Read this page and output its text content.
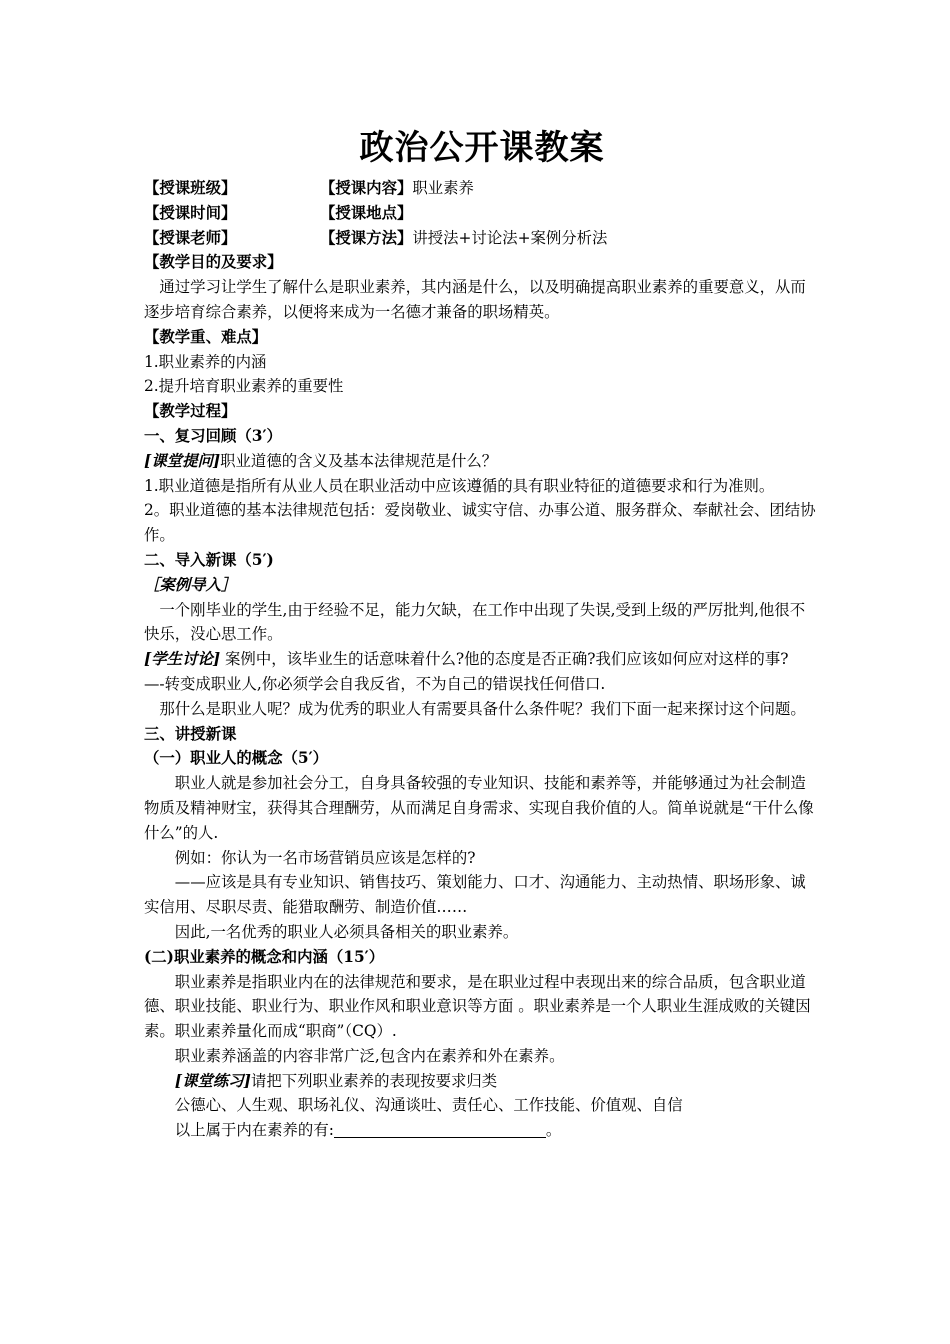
政治公开课教案
【授课班级】	【授课内容】职业素养
【授课时间】	【授课地点】
【授课老师】	【授课方法】讲授法+讨论法+案例分析法

【教学目的及要求】

通过学习让学生了解什么是职业素养，其内涵是什么，以及明确提高职业素养的重要意义，从而逐步培育综合素养，以便将来成为一名德才兼备的职场精英。

【教学重、难点】

1.职业素养的内涵

2.提升培育职业素养的重要性

【教学过程】

一、复习回顾（3′）

[课堂提问]职业道德的含义及基本法律规范是什么？

1.职业道德是指所有从业人员在职业活动中应该遵循的具有职业特征的道德要求和行为准则。

2。职业道德的基本法律规范包括：爱岗敬业、诚实守信、办事公道、服务群众、奉献社会、团结协作。

二、导入新课（5′)

［案例导入］

一个刚毕业的学生,由于经验不足，能力欠缺，在工作中出现了失误,受到上级的严厉批判,他很不快乐，没心思工作。

[学生讨论] 案例中，该毕业生的话意味着什么?他的态度是否正确?我们应该如何应对这样的事?

—-转变成职业人,你必须学会自我反省，不为自己的错误找任何借口.

那什么是职业人呢？成为优秀的职业人有需要具备什么条件呢？我们下面一起来探讨这个问题。

三、讲授新课

（一）职业人的概念（5′）

职业人就是参加社会分工，自身具备较强的专业知识、技能和素养等，并能够通过为社会制造物质及精神财宝，获得其合理酬劳，从而满足自身需求、实现自我价值的人。简单说就是“干什么像什么”的人.

例如：你认为一名市场营销员应该是怎样的?

——应该是具有专业知识、销售技巧、策划能力、口才、沟通能力、主动热情、职场形象、诚实信用、尽职尽责、能猎取酬劳、制造价值……

因此,一名优秀的职业人必须具备相关的职业素养。

(二)职业素养的概念和内涵（15′）

职业素养是指职业内在的法律规范和要求，是在职业过程中表现出来的综合品质，包含职业道德、职业技能、职业行为、职业作风和职业意识等方面 。职业素养是一个人职业生涯成败的关键因素。职业素养量化而成“职商”（CQ）.

职业素养涵盖的内容非常广泛,包含内在素养和外在素养。

[课堂练习]请把下列职业素养的表现按要求归类

公德心、人生观、职场礼仪、沟通谈吐、责任心、工作技能、价值观、自信

以上属于内在素养的有:	。
